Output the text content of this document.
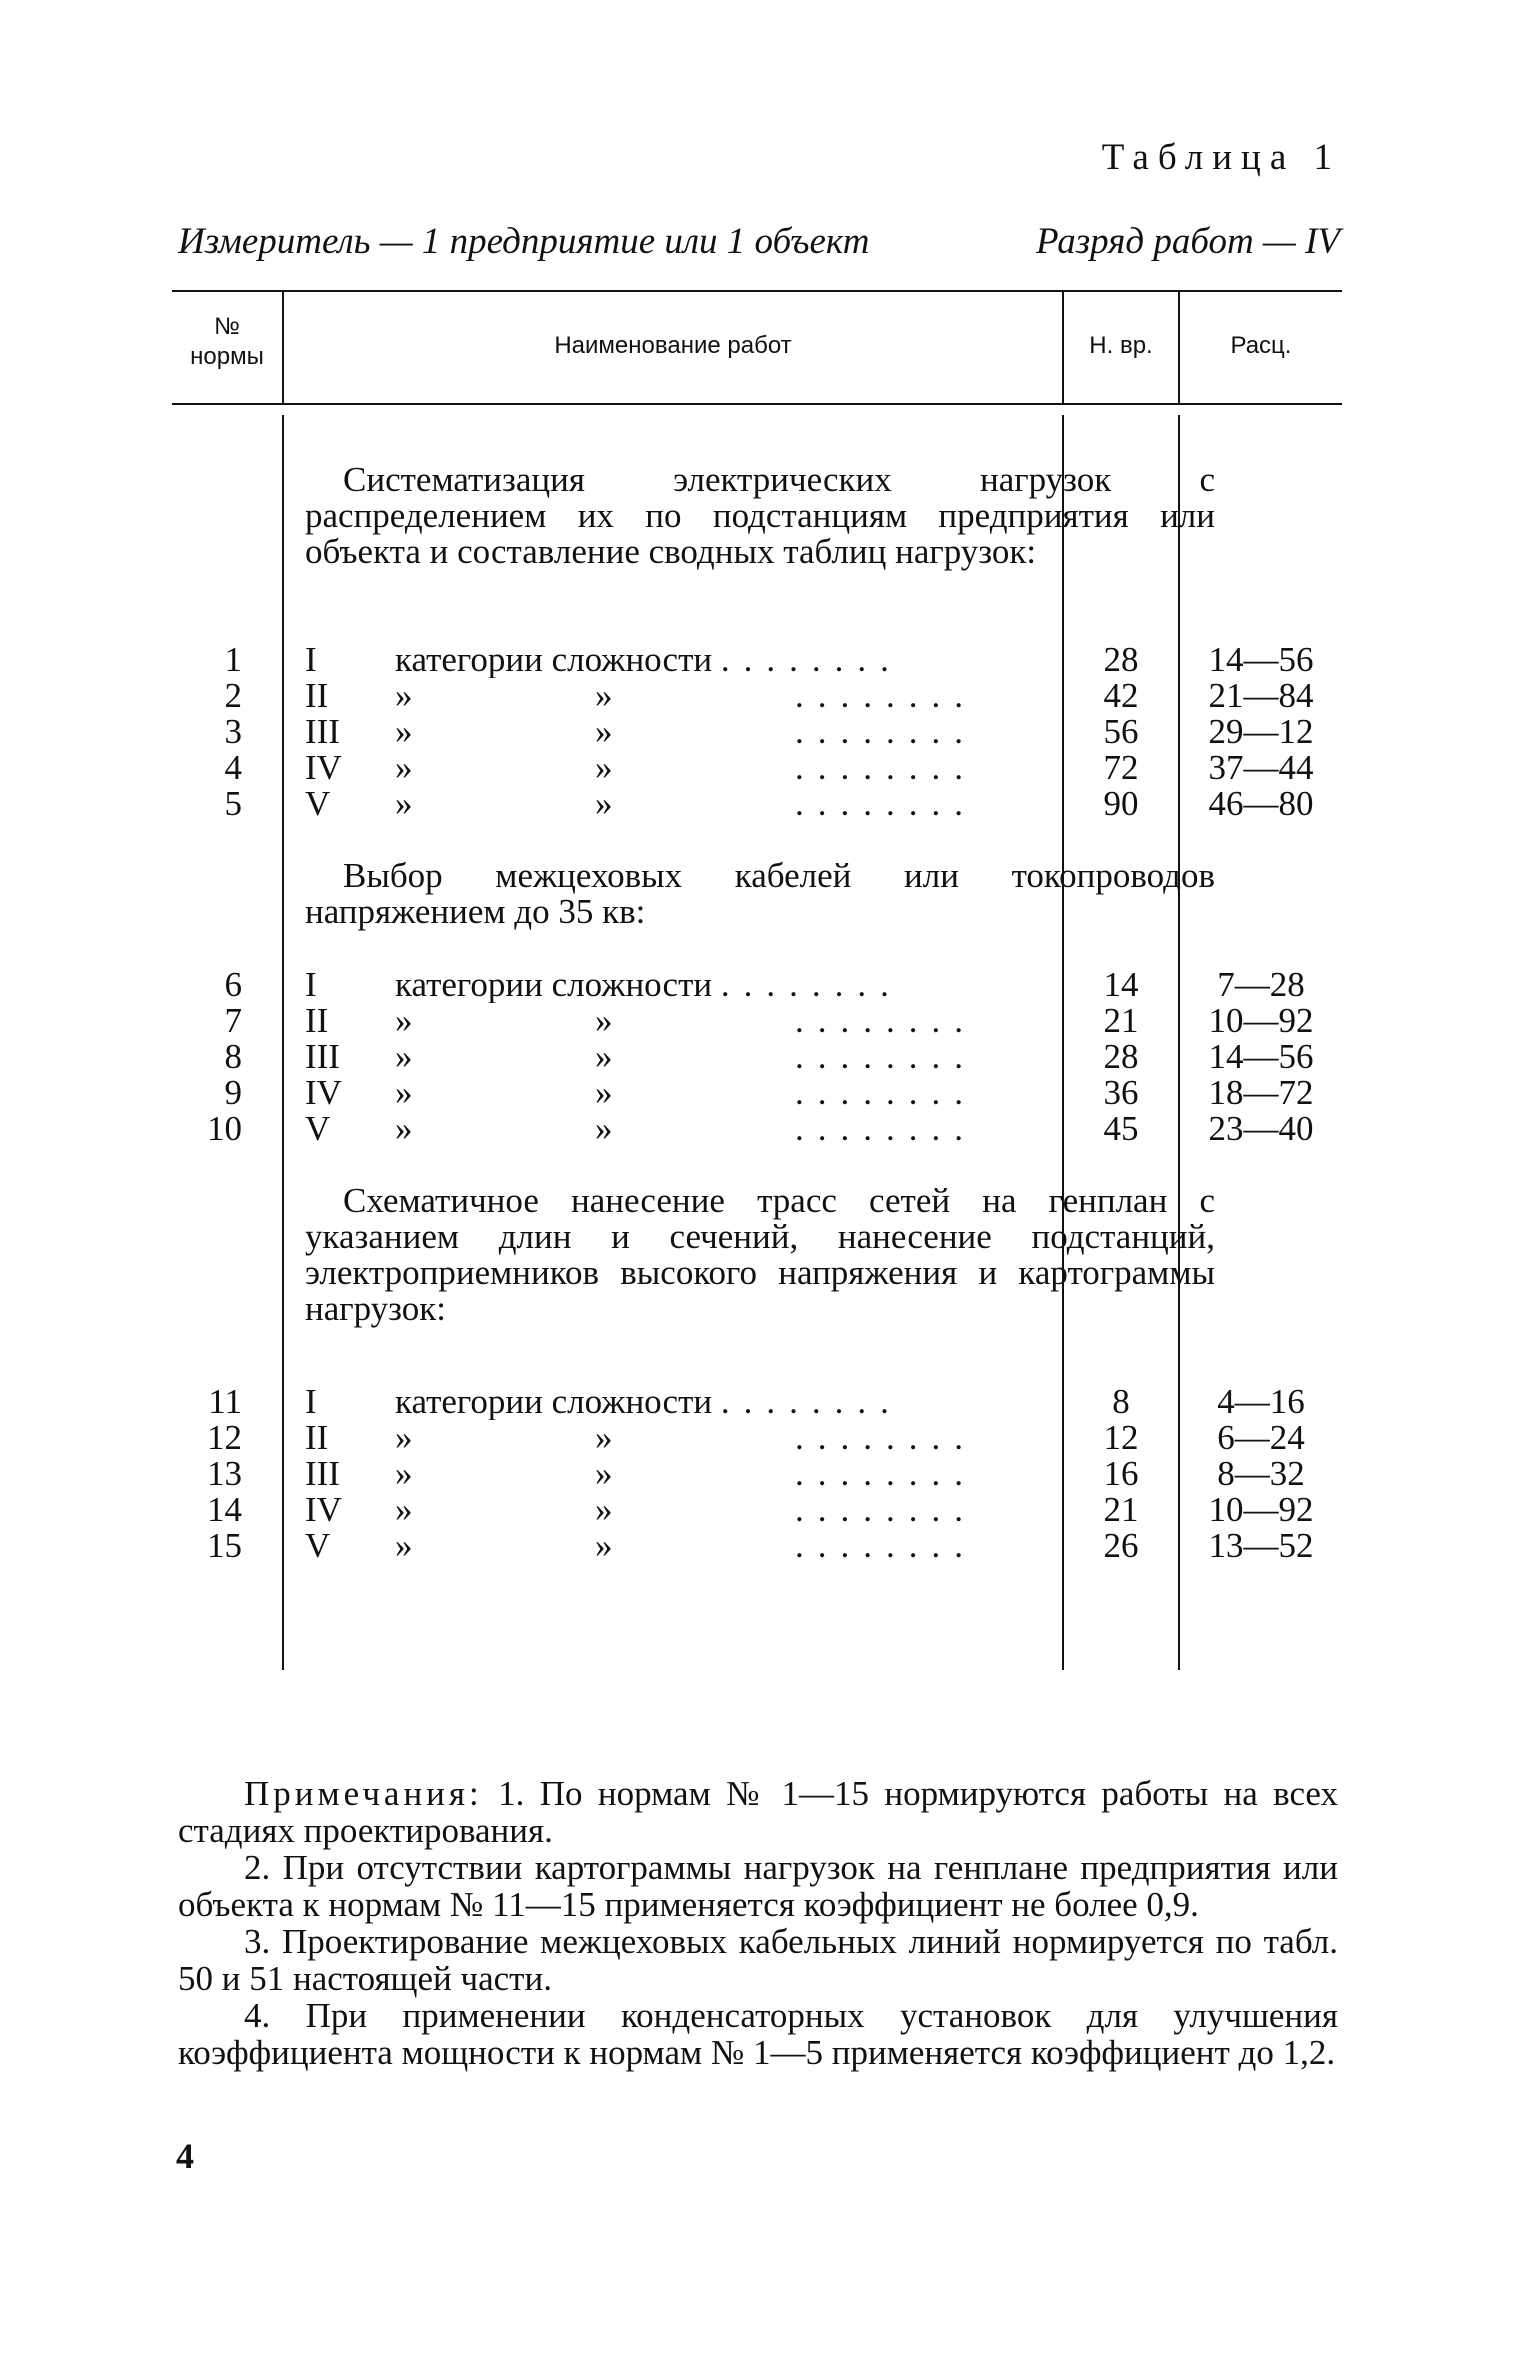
Таблица 1
Измеритель — 1 предприятие или 1 объект	Разряд работ — IV
№
нормы	Наименование работ	Н. вр.	Расц.
Систематизация электрических нагрузок с распределением их по подстанциям предприятия или объекта и составление сводных таблиц нагрузок:
1 I категории сложности ........	28	14—56
2 II »	»	........	42	21—84
3 III »	»	........	56	29—12
4 IV »	»	........	72	37—44
5 V »	»	........	90	46—80
Выбор межцеховых кабелей или токопроводов напряжением до 35 кв:
6 I категории сложности ........	14	7—28
7 II »	»	........	21	10—92
8 III »	»	........	28	14—56
9 IV »	»	........	36	18—72
10 V »	»	........	45	23—40
Схематичное нанесение трасс сетей на генплан с указанием длин и сечений, нанесение подстанций, электроприемников высокого напряжения и картограммы нагрузок:
11 I категории сложности ........	8	4—16
12 II »	»	........	12	6—24
13 III »	»	........	16	8—32
14 IV »	»	........	21	10—92
15 V »	»	........	26	13—52

Примечания: 1. По нормам № 1—15 нормируются работы на всех стадиях проектирования.

2. При отсутствии картограммы нагрузок на генплане предприятия или объекта к нормам № 11—15 применяется коэффициент не более 0,9.

3. Проектирование межцеховых кабельных линий нормируется по табл. 50 и 51 настоящей части.

4. При применении конденсаторных установок для улучшения коэффициента мощности к нормам № 1—5 применяется коэффициент до 1,2.

4
